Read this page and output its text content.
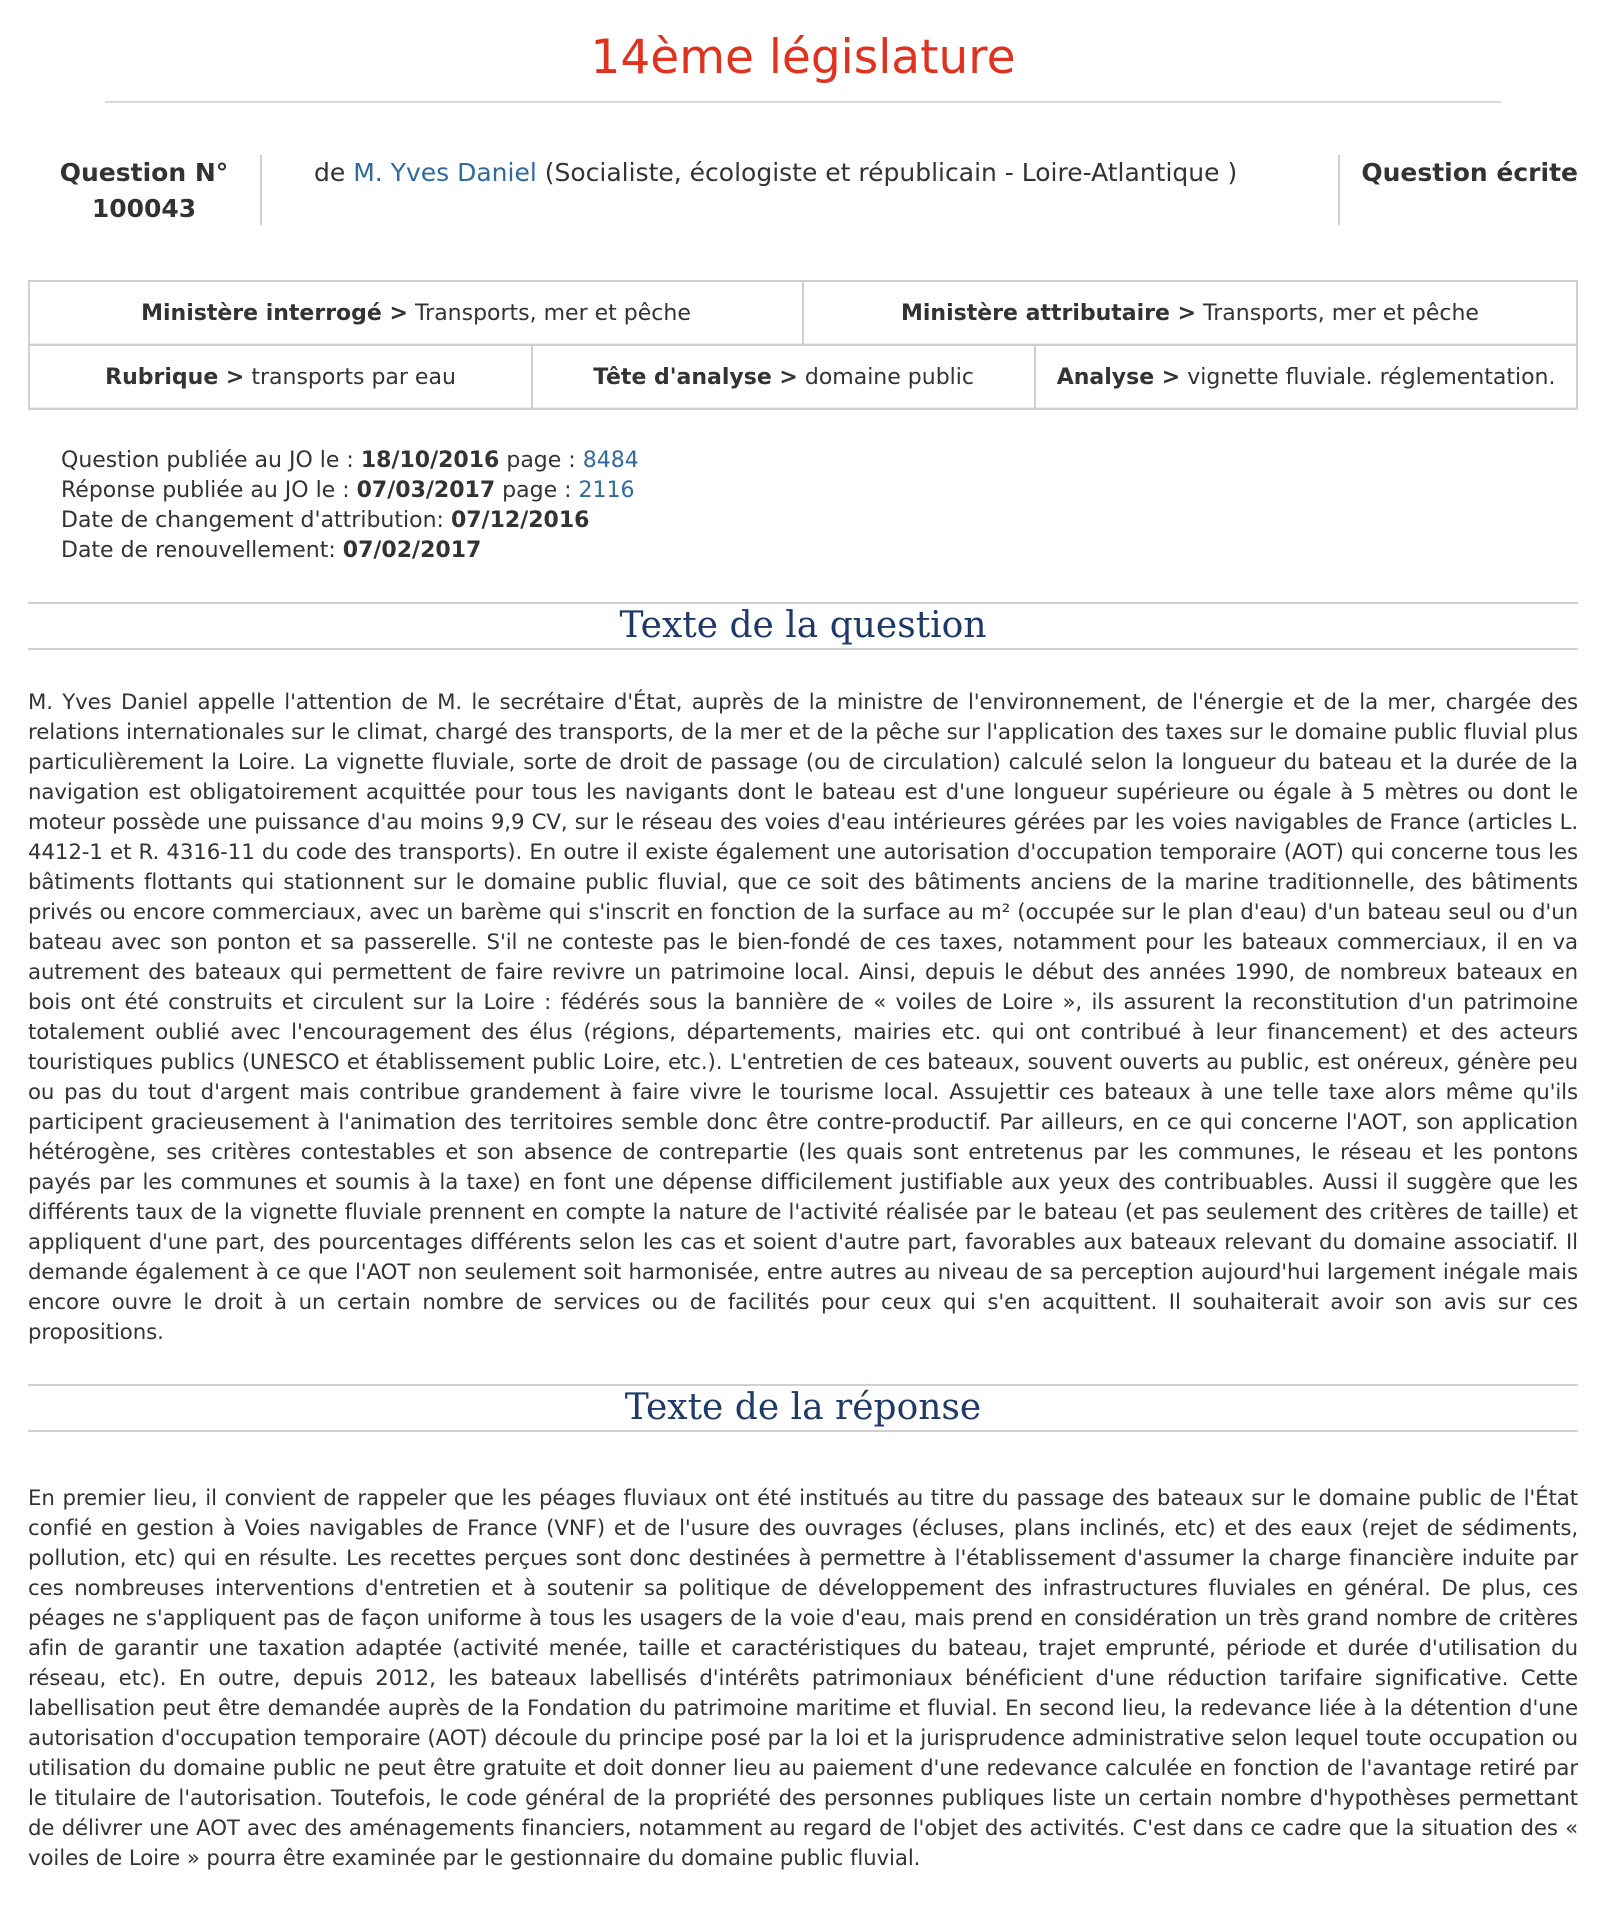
14ème législature
Question N°
100043
de M. Yves Daniel (Socialiste, écologiste et républicain - Loire-Atlantique )	Question écrite
Ministère interrogé > Transports, mer et pêche		Ministère attributaire > Transports, mer et pêche	
Rubrique > transports par eau	Tête d'analyse > domaine public		Analyse > vignette fluviale. réglementation.
Question publiée au JO le : 18/10/2016 page : 8484
Réponse publiée au JO le : 07/03/2017 page : 2116
Date de changement d'attribution: 07/12/2016
Date de renouvellement: 07/02/2017
Texte de la question

M. Yves Daniel appelle l'attention de M. le secrétaire d'État, auprès de la ministre de l'environnement, de l'énergie et de la mer, chargée des relations internationales sur le climat, chargé des transports, de la mer et de la pêche sur l'application des taxes sur le domaine public fluvial plus particulièrement la Loire. La vignette fluviale, sorte de droit de passage (ou de circulation) calculé selon la longueur du bateau et la durée de la navigation est obligatoirement acquittée pour tous les navigants dont le bateau est d'une longueur supérieure ou égale à 5 mètres ou dont le moteur possède une puissance d'au moins 9,9 CV, sur le réseau des voies d'eau intérieures gérées par les voies navigables de France (articles L. 4412-1 et R. 4316-11 du code des transports). En outre il existe également une autorisation d'occupation temporaire (AOT) qui concerne tous les bâtiments flottants qui stationnent sur le domaine public fluvial, que ce soit des bâtiments anciens de la marine traditionnelle, des bâtiments privés ou encore commerciaux, avec un barème qui s'inscrit en fonction de la surface au m² (occupée sur le plan d'eau) d'un bateau seul ou d'un bateau avec son ponton et sa passerelle. S'il ne conteste pas le bien-fondé de ces taxes, notamment pour les bateaux commerciaux, il en va autrement des bateaux qui permettent de faire revivre un patrimoine local. Ainsi, depuis le début des années 1990, de nombreux bateaux en bois ont été construits et circulent sur la Loire : fédérés sous la bannière de « voiles de Loire », ils assurent la reconstitution d'un patrimoine totalement oublié avec l'encouragement des élus (régions, départements, mairies etc. qui ont contribué à leur financement) et des acteurs touristiques publics (UNESCO et établissement public Loire, etc.). L'entretien de ces bateaux, souvent ouverts au public, est onéreux, génère peu ou pas du tout d'argent mais contribue grandement à faire vivre le tourisme local. Assujettir ces bateaux à une telle taxe alors même qu'ils participent gracieusement à l'animation des territoires semble donc être contre-productif. Par ailleurs, en ce qui concerne l'AOT, son application hétérogène, ses critères contestables et son absence de contrepartie (les quais sont entretenus par les communes, le réseau et les pontons payés par les communes et soumis à la taxe) en font une dépense difficilement justifiable aux yeux des contribuables. Aussi il suggère que les différents taux de la vignette fluviale prennent en compte la nature de l'activité réalisée par le bateau (et pas seulement des critères de taille) et appliquent d'une part, des pourcentages différents selon les cas et soient d'autre part, favorables aux bateaux relevant du domaine associatif. Il demande également à ce que l'AOT non seulement soit harmonisée, entre autres au niveau de sa perception aujourd'hui largement inégale mais encore ouvre le droit à un certain nombre de services ou de facilités pour ceux qui s'en acquittent. Il souhaiterait avoir son avis sur ces propositions.

Texte de la réponse

En premier lieu, il convient de rappeler que les péages fluviaux ont été institués au titre du passage des bateaux sur le domaine public de l'État confié en gestion à Voies navigables de France (VNF) et de l'usure des ouvrages (écluses, plans inclinés, etc) et des eaux (rejet de sédiments, pollution, etc) qui en résulte. Les recettes perçues sont donc destinées à permettre à l'établissement d'assumer la charge financière induite par ces nombreuses interventions d'entretien et à soutenir sa politique de développement des infrastructures fluviales en général. De plus, ces péages ne s'appliquent pas de façon uniforme à tous les usagers de la voie d'eau, mais prend en considération un très grand nombre de critères afin de garantir une taxation adaptée (activité menée, taille et caractéristiques du bateau, trajet emprunté, période et durée d'utilisation du réseau, etc). En outre, depuis 2012, les bateaux labellisés d'intérêts patrimoniaux bénéficient d'une réduction tarifaire significative. Cette labellisation peut être demandée auprès de la Fondation du patrimoine maritime et fluvial. En second lieu, la redevance liée à la détention d'une autorisation d'occupation temporaire (AOT) découle du principe posé par la loi et la jurisprudence administrative selon lequel toute occupation ou utilisation du domaine public ne peut être gratuite et doit donner lieu au paiement d'une redevance calculée en fonction de l'avantage retiré par le titulaire de l'autorisation. Toutefois, le code général de la propriété des personnes publiques liste un certain nombre d'hypothèses permettant de délivrer une AOT avec des aménagements financiers, notamment au regard de l'objet des activités. C'est dans ce cadre que la situation des « voiles de Loire » pourra être examinée par le gestionnaire du domaine public fluvial.
